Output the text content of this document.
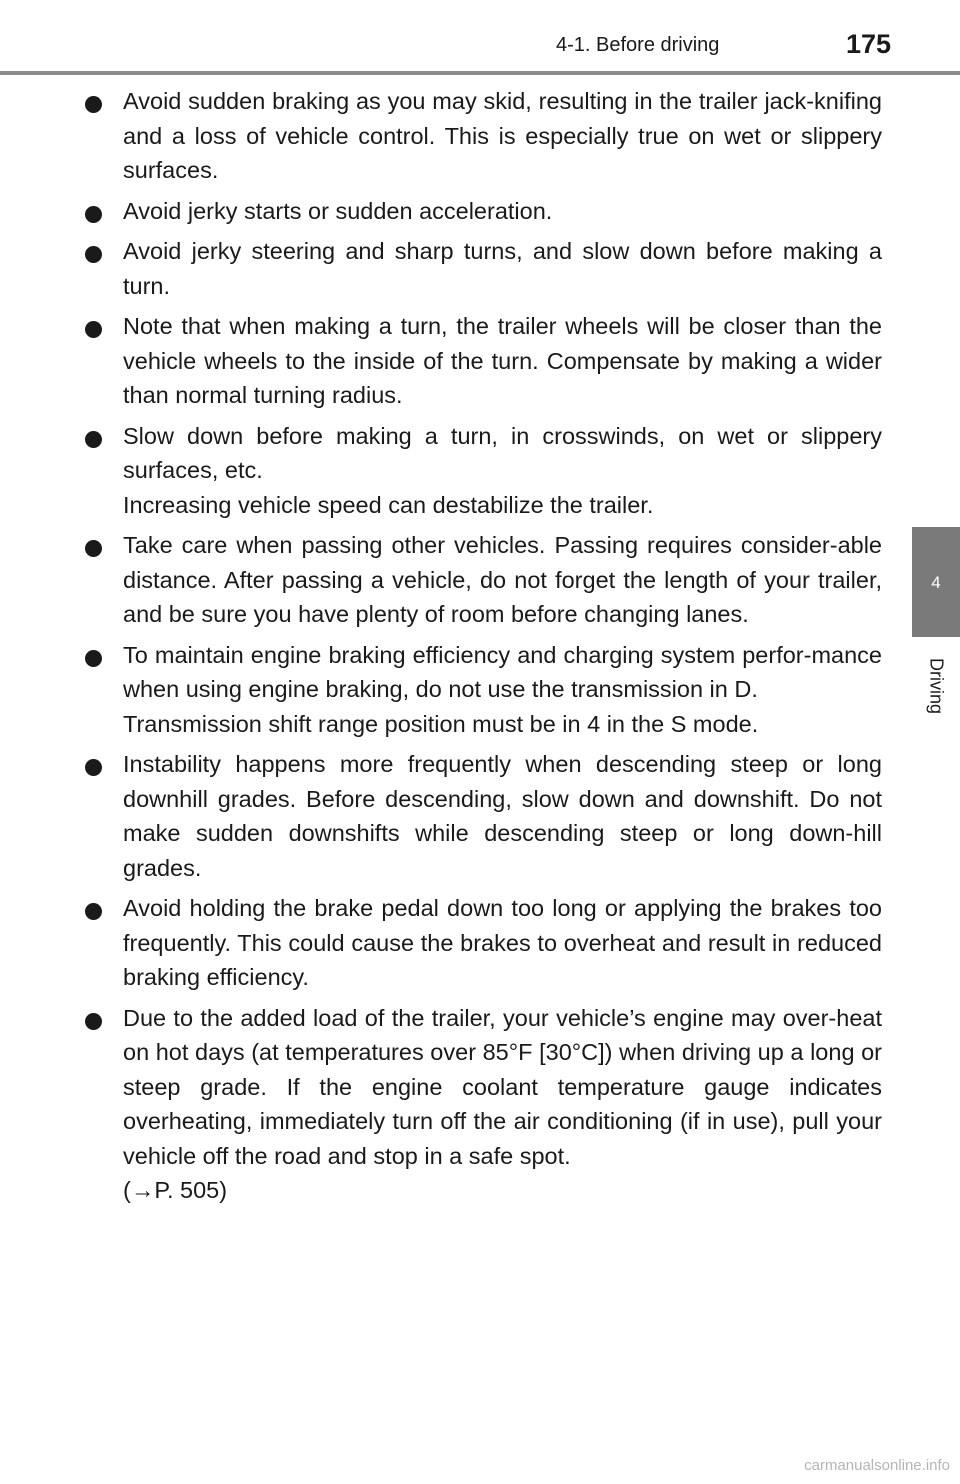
4-1. Before driving	175
4
Driving

Avoid sudden braking as you may skid, resulting in the trailer jack-knifing and a loss of vehicle control. This is especially true on wet or slippery surfaces.

Avoid jerky starts or sudden acceleration.

Avoid jerky steering and sharp turns, and slow down before making a turn.

Note that when making a turn, the trailer wheels will be closer than the vehicle wheels to the inside of the turn. Compensate by making a wider than normal turning radius.

Slow down before making a turn, in crosswinds, on wet or slippery surfaces, etc.

Increasing vehicle speed can destabilize the trailer.

Take care when passing other vehicles. Passing requires consider-able distance. After passing a vehicle, do not forget the length of your trailer, and be sure you have plenty of room before changing lanes.

To maintain engine braking efficiency and charging system perfor-mance when using engine braking, do not use the transmission in D.

Transmission shift range position must be in 4 in the S mode.

Instability happens more frequently when descending steep or long downhill grades. Before descending, slow down and downshift. Do not make sudden downshifts while descending steep or long down-hill grades.

Avoid holding the brake pedal down too long or applying the brakes too frequently. This could cause the brakes to overheat and result in reduced braking efficiency.

Due to the added load of the trailer, your vehicle’s engine may over-heat on hot days (at temperatures over 85°F [30°C]) when driving up a long or steep grade. If the engine coolant temperature gauge indicates overheating, immediately turn off the air conditioning (if in use), pull your vehicle off the road and stop in a safe spot.

(→P. 505)

carmanualsonline.info
